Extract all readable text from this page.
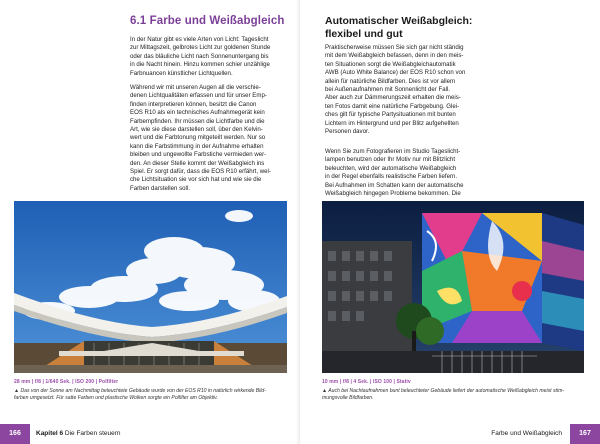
6.1 Farbe und Weißabgleich

In der Natur gibt es viele Arten von Licht: Tageslicht
zur Mittagszeit, gelbrotes Licht zur goldenen Stunde
oder das bläuliche Licht nach Sonnenuntergang bis
in die Nacht hinein. Hinzu kommen schier unzählige
Farbnuancen künstlicher Lichtquellen.

Während wir mit unseren Augen all die verschie-
denen Lichtqualitäten erfassen und für unser Emp-
finden interpretieren können, besitzt die Canon
EOS R10 als ein technisches Aufnahmegerät kein
Farbempfinden. Ihr müssen die Lichtfarbe und die
Art, wie sie diese darstellen soll, über den Kelvin-
wert und die Farbtonung mitgeteilt werden. Nur so
kann die Farbstimmung in der Aufnahme erhalten
bleiben und ungewollte Farbstiche vermieden wer-
den. An dieser Stelle kommt der Weißabgleich ins
Spiel. Er sorgt dafür, dass die EOS R10 erfährt, wel-
che Lichtsituation sie vor sich hat und wie sie die
Farben darstellen soll.

28 mm | f/8 | 1/640 Sek. | ISO 200 | Polfilter
▲ Das von der Sonne am Nachmittag beleuchtete Gebäude wurde von der EOS R10 in natürlich wirkende Bild-
farben umgesetzt. Für satte Farben und plastische Wolken sorgte ein Polfilter am Objektiv.
166	Kapitel 6 Die Farben steuern
Automatischer Weißabgleich:
flexibel und gut

Praktischerweise müssen Sie sich gar nicht ständig
mit dem Weißabgleich befassen, denn in den meis-
ten Situationen sorgt die Weißabgleichautomatik
AWB (Auto White Balance) der EOS R10 schon von
allein für natürliche Bildfarben. Dies ist vor allem
bei Außenaufnahmen mit Sonnenlicht der Fall.
Aber auch zur Dämmerungszeit erhalten die meis-
ten Fotos damit eine natürliche Farbgebung. Glei-
ches gilt für typische Partysituationen mit bunten
Lichtern im Hintergrund und per Blitz aufgehellten
Personen davor.

Wenn Sie zum Fotografieren im Studio Tageslicht-
lampen benutzen oder Ihr Motiv nur mit Blitzlicht
beleuchten, wird der automatische Weißabgleich
in der Regel ebenfalls realistische Farben liefern.
Bei Aufnahmen im Schatten kann der automatische
Weißabgleich hingegen Probleme bekommen. Die

10 mm | f/8 | 4 Sek. | ISO 100 | Stativ
▲ Auch bei Nachtaufnahmen bunt beleuchteter Gebäude liefert der automatische Weißabgleich meist stim-
mungsvolle Bildfarben.
Farbe und Weißabgleich	167
